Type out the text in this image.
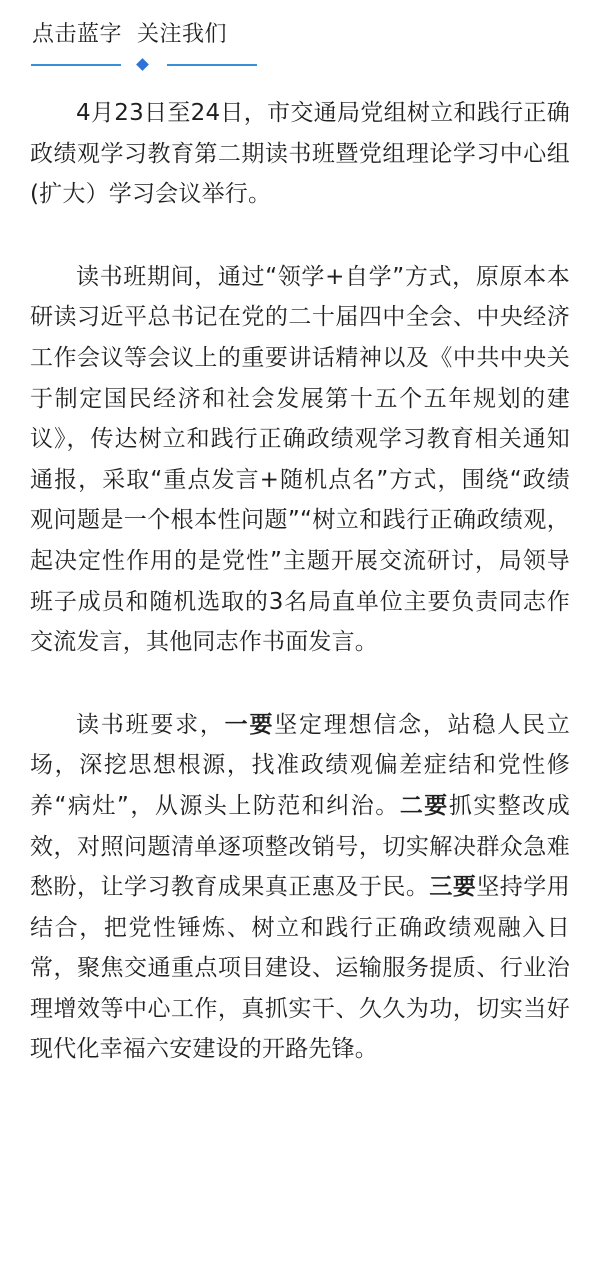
点击蓝字  关注我们

4月23日至24日，市交通局党组树立和践行正确政绩观学习教育第二期读书班暨党组理论学习中心组(扩大）学习会议举行。

读书班期间，通过“领学+自学”方式，原原本本研读习近平总书记在党的二十届四中全会、中央经济工作会议等会议上的重要讲话精神以及《中共中央关于制定国民经济和社会发展第十五个五年规划的建议》，传达树立和践行正确政绩观学习教育相关通知通报，采取“重点发言+随机点名”方式，围绕“政绩观问题是一个根本性问题”“树立和践行正确政绩观，起决定性作用的是党性”主题开展交流研讨，局领导班子成员和随机选取的3名局直单位主要负责同志作交流发言，其他同志作书面发言。

读书班要求，一要坚定理想信念，站稳人民立场，深挖思想根源，找准政绩观偏差症结和党性修养“病灶”，从源头上防范和纠治。二要抓实整改成效，对照问题清单逐项整改销号，切实解决群众急难愁盼，让学习教育成果真正惠及于民。三要坚持学用结合，把党性锤炼、树立和践行正确政绩观融入日常，聚焦交通重点项目建设、运输服务提质、行业治理增效等中心工作，真抓实干、久久为功，切实当好现代化幸福六安建设的开路先锋。
